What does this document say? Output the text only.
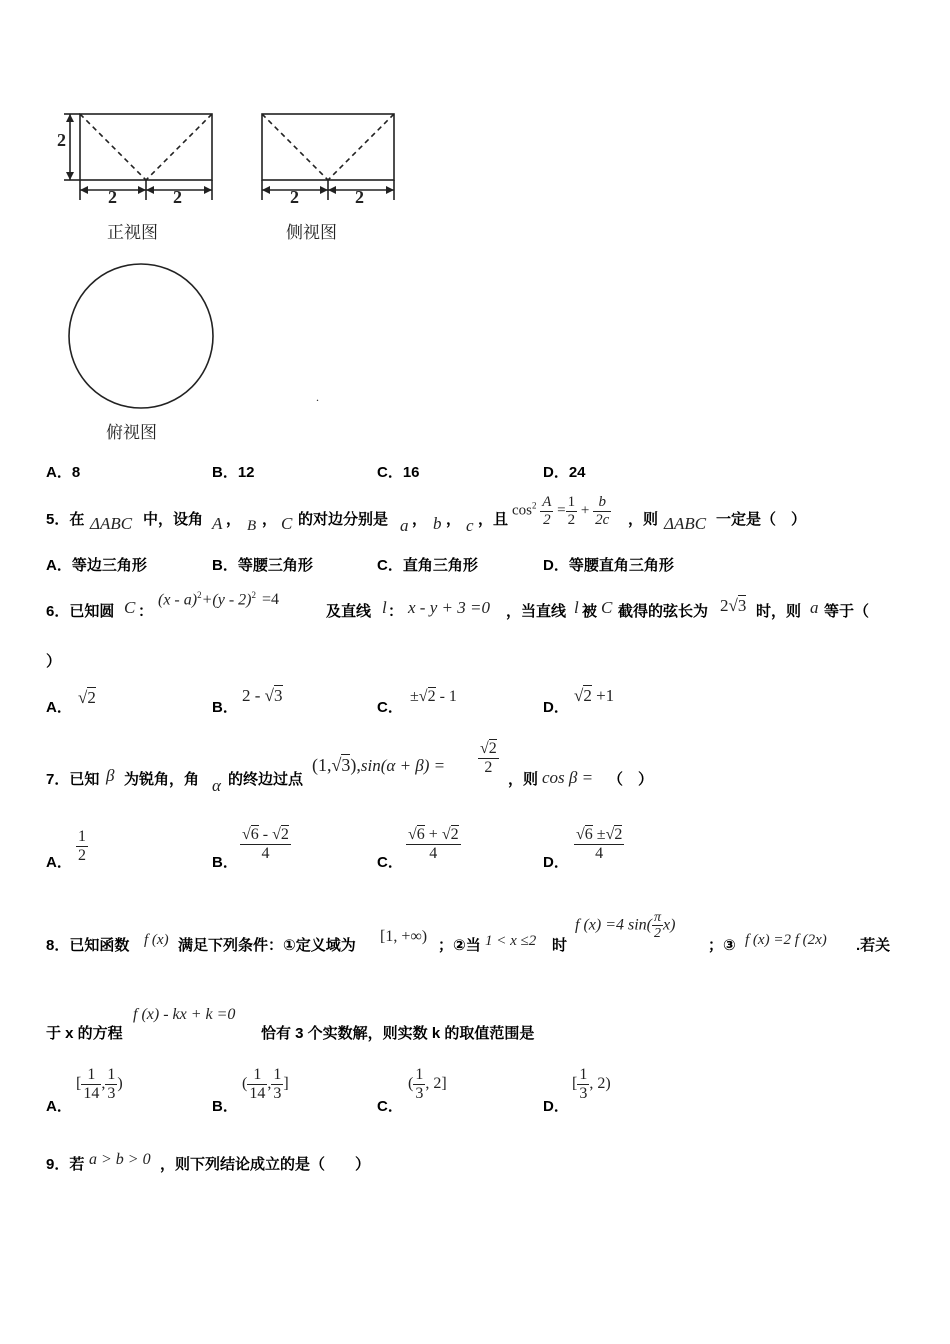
2
2	2	2	2
正视图	侧视图
俯视图
.
A．8	B．12	C．16	D．24
5．在 ΔABC 中，设角 A ， B ， C 的对边分别是 a ， b ， c ，且
$\cos^2 \frac{A}{2} = \frac{1}{2} + \frac{b}{2c}$ ，则 ΔABC 一定是（　）
A．等边三角形	B．等腰三角形	C．直角三角形	D．等腰直角三角形
6．已知圆 C ：
(x - a)$^2$+(y - 2)$^2$ =4
及直线 l ： x - y + 3 =0 ，当直线 l 被 C 截得的弦长为 2√3 时，则 a 等于（
）
A．
√2
B．
2 - √3
C．
±√2 - 1
D．
√2 +1
7．已知 β 为锐角，角 α 的终边过点
$(1,√3),\sin(\alpha + \beta) = \frac{√2}{2}$
，则 cos β = （　）
A． $\frac{1}{2}$	B．
$\frac{√6 - √2}{4}$
C．
$\frac{√6 + √2}{4}$
D．
$\frac{√6 \pm√2}{4}$
8．已知函数 f (x) 满足下列条件：①定义域为
[1, +∞)
；②当 1 < x ≤2 时
f (x) =4 $\sin( \frac{\pi}{2} x)$
；③ f (x) =2 f (2x) .若关
于 x 的方程
f (x) - kx + k =0
恰有 3 个实数解，则实数 k 的取值范围是
A．
[ $\frac{1}{14}$ , $\frac{1}{3}$ )
B．
( $\frac{1}{14}$ , $\frac{1}{3}$ ]
C．
( $\frac{1}{3}$ , 2]
D．
[ $\frac{1}{3}$ , 2)
9．若 a > b > 0 ，则下列结论成立的是（　　）
